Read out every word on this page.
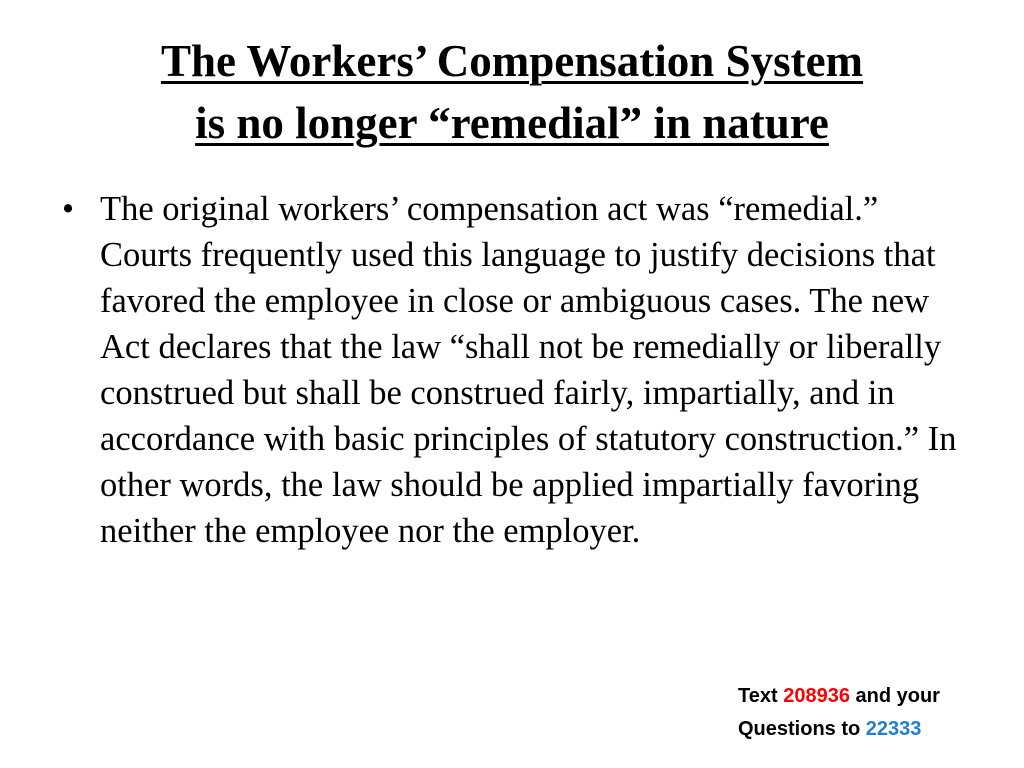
The Workers’ Compensation System
is no longer “remedial” in nature
• The original workers’ compensation act was “remedial.” Courts frequently used this language to justify decisions that favored the employee in close or ambiguous cases. The new Act declares that the law “shall not be remedially or liberally construed but shall be construed fairly, impartially, and in accordance with basic principles of statutory construction.” In other words, the law should be applied impartially favoring neither the employee nor the employer.
Text 208936 and your
Questions to 22333
